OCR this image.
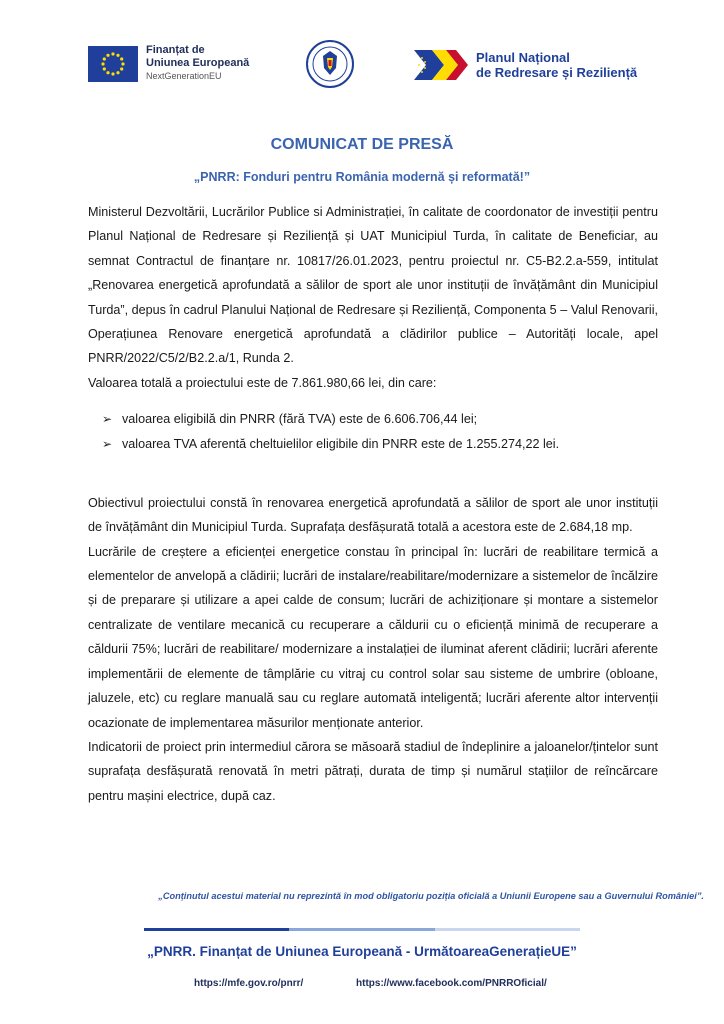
Finanțat de
Uniunea Europeană
NextGenerationEU
Planul Național
de Redresare și Reziliență
COMUNICAT DE PRESĂ
„PNRR: Fonduri pentru România modernă și reformată!”

Ministerul Dezvoltării, Lucrărilor Publice si Administrației, în calitate de coordonator de investiții pentru Planul Național de Redresare și Reziliență și UAT Municipiul Turda, în calitate de Beneficiar, au semnat Contractul de finanțare nr. 10817/26.01.2023, pentru proiectul nr. C5-B2.2.a-559, intitulat „Renovarea energetică aprofundată a sălilor de sport ale unor instituții de învățământ din Municipiul Turda”, depus în cadrul Planului Național de Redresare și Reziliență, Componenta 5 – Valul Renovarii, Operațiunea Renovare energetică aprofundată a clădirilor publice – Autorități locale, apel PNRR/2022/C5/2/B2.2.a/1, Runda 2.

Valoarea totală a proiectului este de 7.861.980,66 lei, din care:

➢ valoarea eligibilă din PNRR (fără TVA) este de 6.606.706,44 lei;
➢ valoarea TVA aferentă cheltuielilor eligibile din PNRR este de 1.255.274,22 lei.

Obiectivul proiectului constă în renovarea energetică aprofundată a sălilor de sport ale unor instituții de învățământ din Municipiul Turda. Suprafața desfășurată totală a acestora este de 2.684,18 mp.

Lucrările de creștere a eficienței energetice constau în principal în: lucrări de reabilitare termică a elementelor de anvelopă a clădirii; lucrări de instalare/reabilitare/modernizare a sistemelor de încălzire și de preparare și utilizare a apei calde de consum; lucrări de achiziționare și montare a sistemelor centralizate de ventilare mecanică cu recuperare a căldurii cu o eficiență minimă de recuperare a căldurii 75%; lucrări de reabilitare/ modernizare a instalației de iluminat aferent clădirii; lucrări aferente implementării de elemente de tâmplărie cu vitraj cu control solar sau sisteme de umbrire (obloane, jaluzele, etc) cu reglare manuală sau cu reglare automată inteligentă; lucrări aferente altor intervenții ocazionate de implementarea măsurilor menționate anterior.

Indicatorii de proiect prin intermediul cărora se măsoară stadiul de îndeplinire a jaloanelor/țintelor sunt suprafața desfășurată renovată în metri pătrați, durata de timp și numărul stațiilor de reîncărcare pentru mașini electrice, după caz.

„Conținutul acestui material nu reprezintă în mod obligatoriu poziția oficială a Uniunii Europene sau a Guvernului României”.
„PNRR. Finanțat de Uniunea Europeană - UrmătoareaGenerațieUE”
https://mfe.gov.ro/pnrr/	https://www.facebook.com/PNRROficial/
